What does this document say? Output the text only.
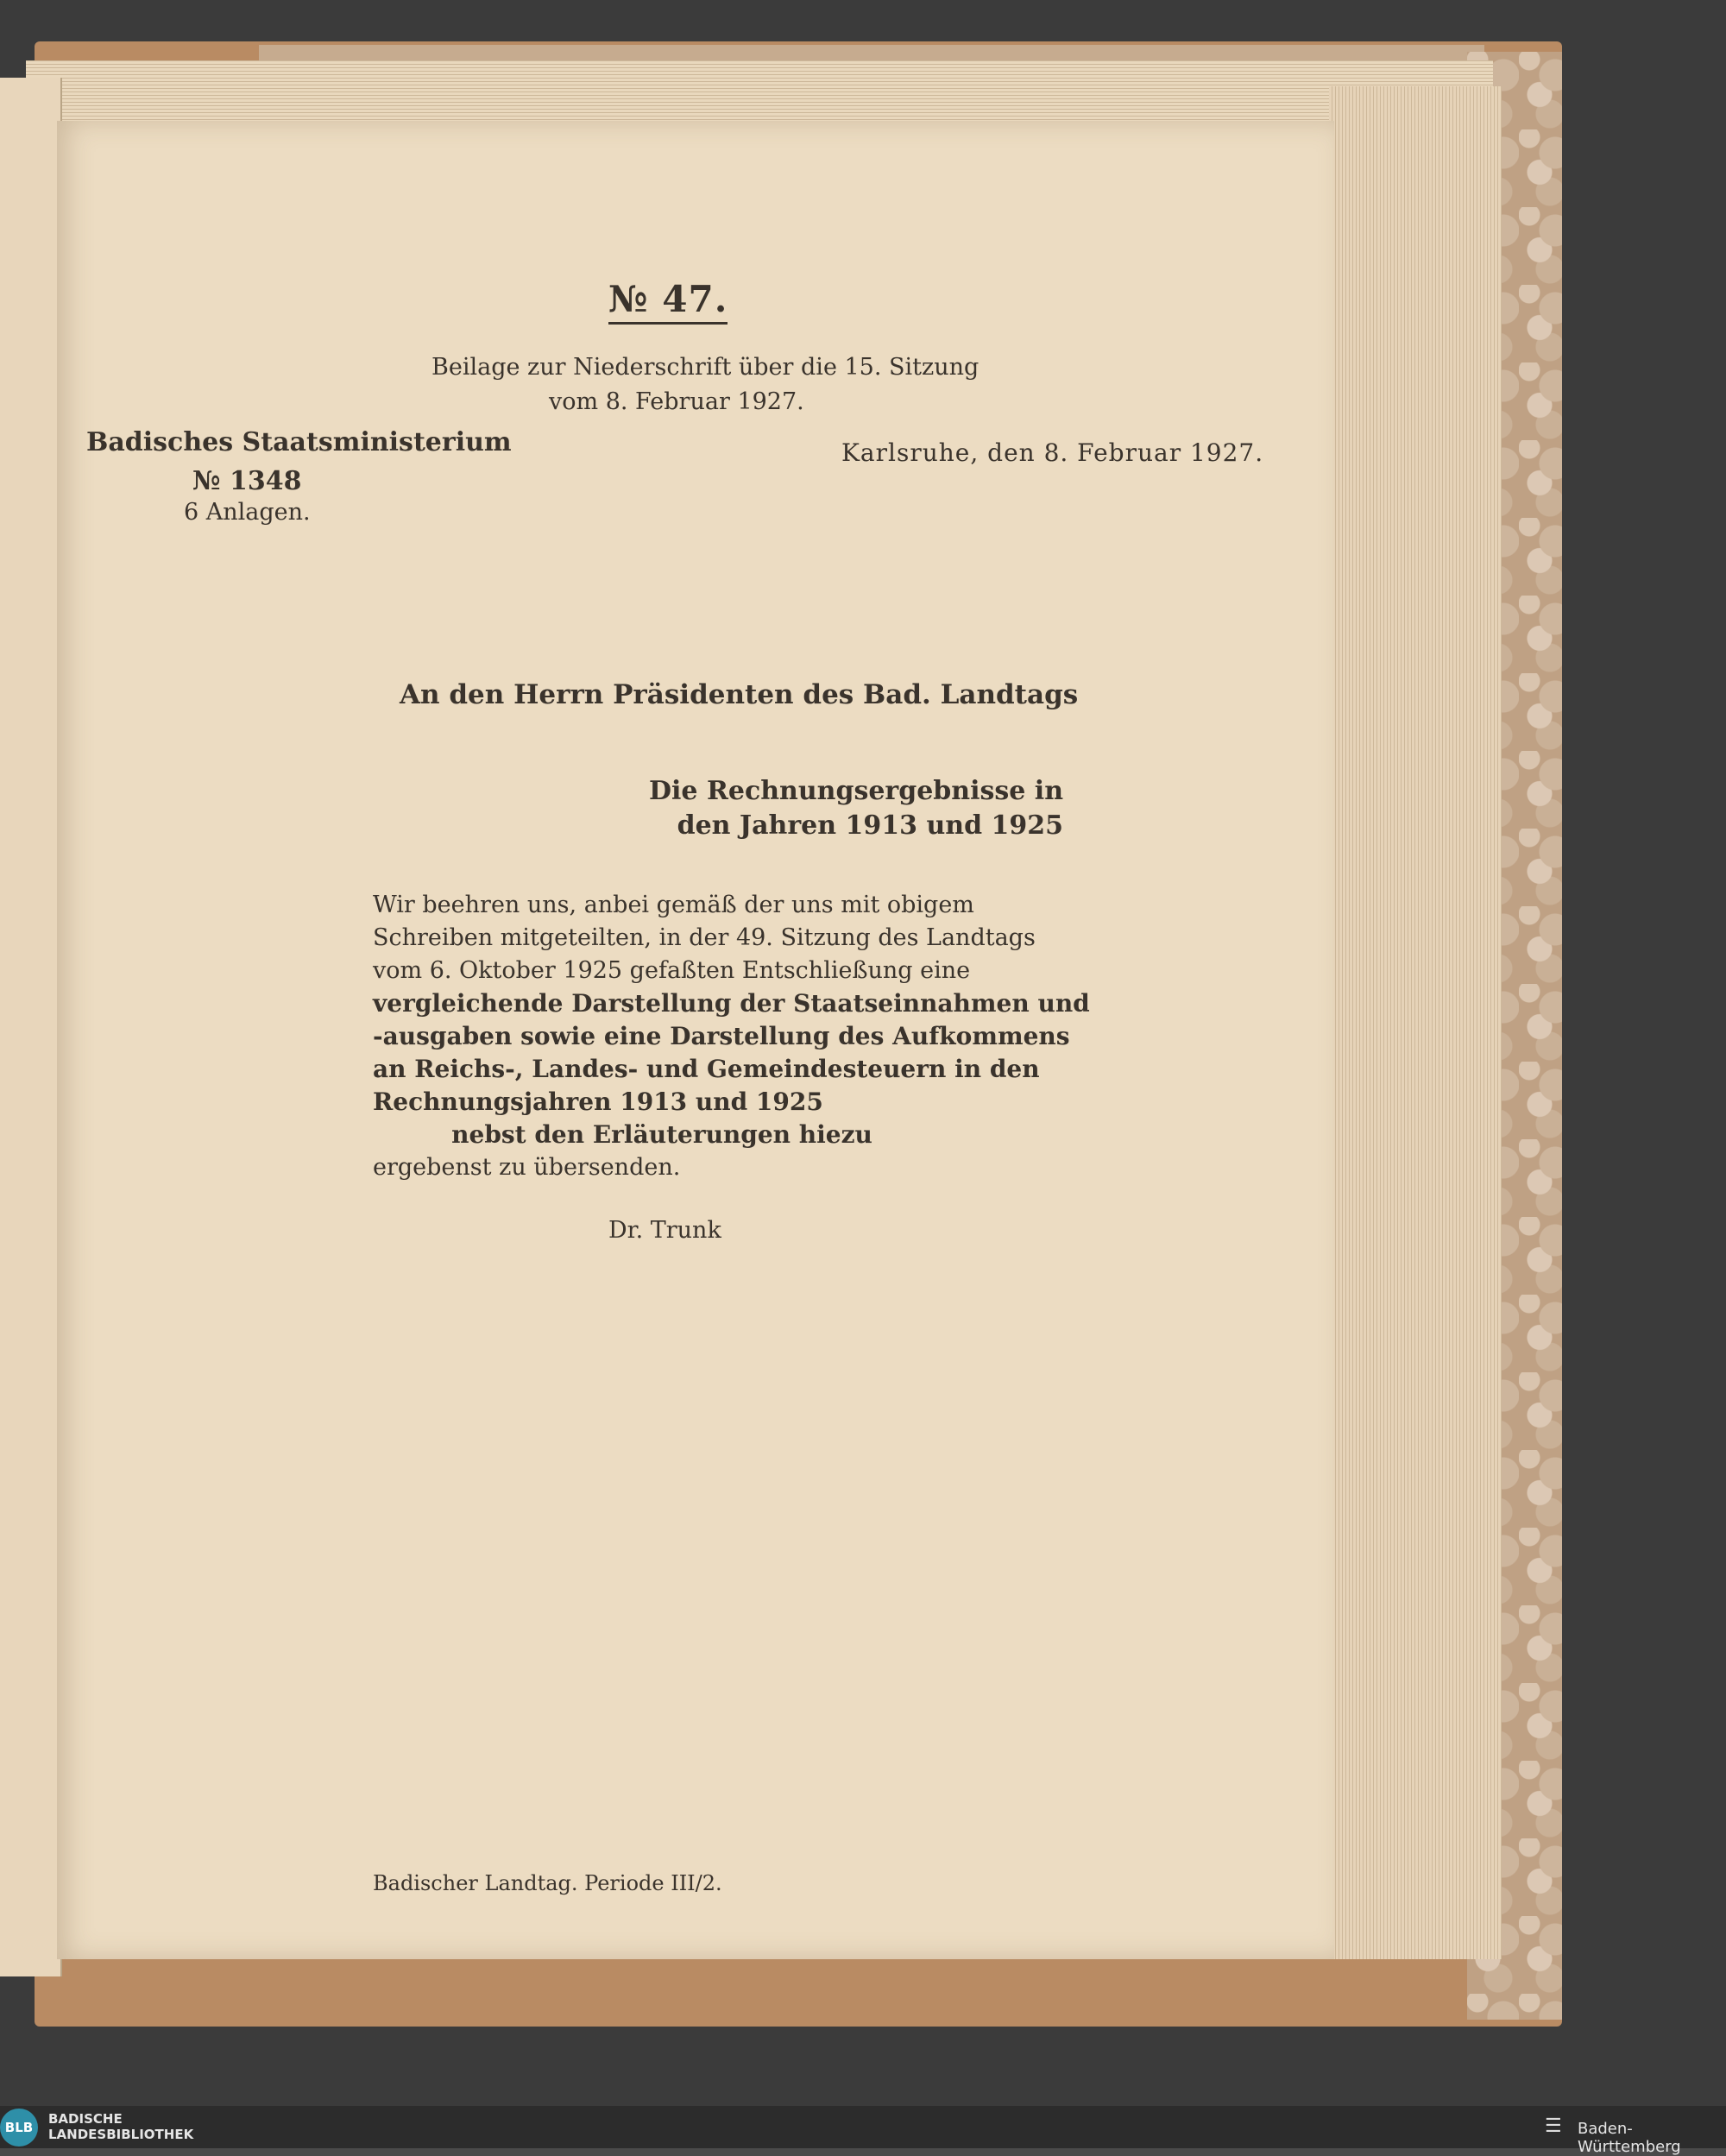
№ 47.
Beilage zur Niederschrift über die 15. Sitzung
vom 8. Februar 1927.
Badisches Staatsministerium
№ 1348
6 Anlagen.
Karlsruhe, den 8. Februar 1927.
An den Herrn Präsidenten des Bad. Landtags
Die Rechnungsergebnisse in
den Jahren 1913 und 1925
Wir beehren uns, anbei gemäß der uns mit obigem
Schreiben mitgeteilten, in der 49. Sitzung des Landtags
vom 6. Oktober 1925 gefaßten Entschließung eine
vergleichende Darstellung der Staatseinnahmen und
-ausgaben sowie eine Darstellung des Aufkommens
an Reichs-, Landes- und Gemeindesteuern in den
Rechnungsjahren 1913 und 1925
nebst den Erläuterungen hiezu
ergebenst zu übersenden.
Dr. Trunk
Badischer Landtag. Periode III/2.
BLB
BADISCHE
LANDESBIBLIOTHEK	☰	Baden-Württemberg
